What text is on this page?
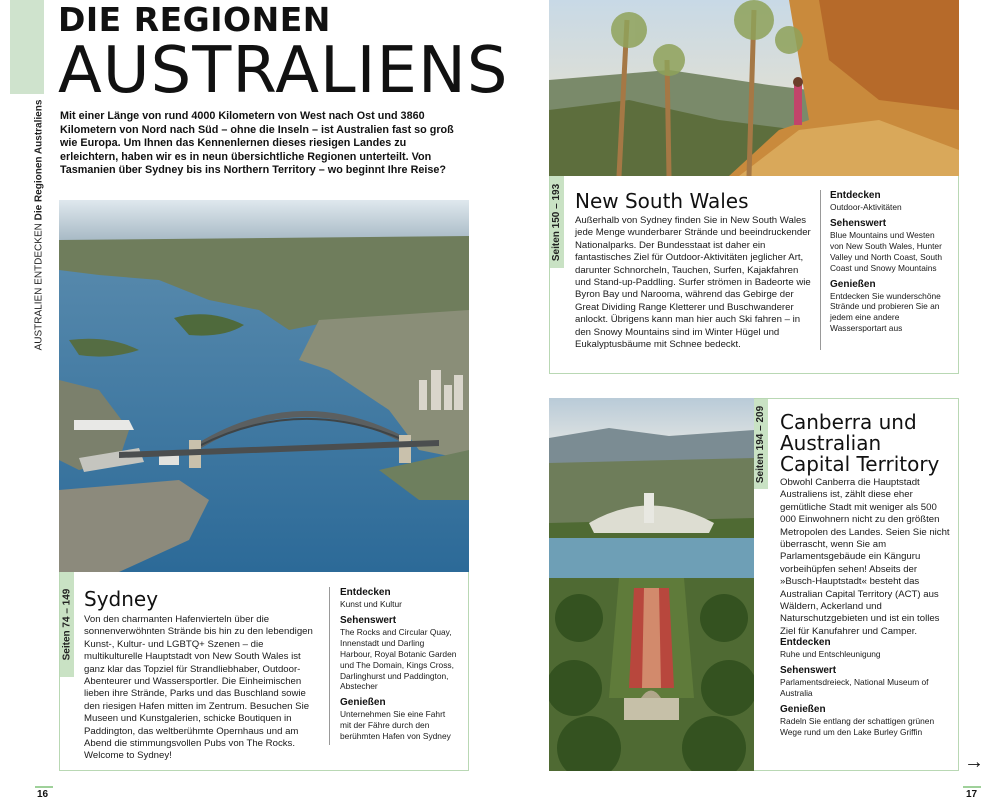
AUSTRALIEN ENTDECKEN Die Regionen Australiens
DIE REGIONEN
AUSTRALIENS
Mit einer Länge von rund 4000 Kilometern von West nach Ost und 3860 Kilometern von Nord nach Süd – ohne die Inseln – ist Australien fast so groß wie Europa. Um Ihnen das Kennenlernen dieses riesigen Landes zu erleichtern, haben wir es in neun übersichtliche Regionen unterteilt. Von Tasmanien über Sydney bis ins Northern Territory – wo beginnt Ihre Reise?
Seiten 74 – 149 Sydney
Von den charmanten Hafenvierteln über die sonnenverwöhnten Strände bis hin zu den lebendigen Kunst-, Kultur- und LGBTQ+ Szenen – die multikulturelle Hauptstadt von New South Wales ist ganz klar das Topziel für Strandliebhaber, Outdoor-Abenteurer und Wassersportler. Die Einheimischen lieben ihre Strände, Parks und das Buschland sowie den riesigen Hafen mitten im Zentrum. Besuchen Sie Museen und Kunstgalerien, schicke Boutiquen in Paddington, das weltberühmte Opernhaus und am Abend die stimmungsvollen Pubs von The Rocks. Welcome to Sydney!
Entdecken
Kunst und Kultur
Sehenswert
The Rocks and Circular Quay, Innenstadt und Darling Harbour, Royal Botanic Garden und The Domain, Kings Cross, Darlinghurst und Paddington, Abstecher
Genießen
Unternehmen Sie eine Fahrt mit der Fähre durch den berühmten Hafen von Sydney
Seiten 150 – 193 New South Wales
Außerhalb von Sydney finden Sie in New South Wales jede Menge wunderbarer Strände und beeindruckender Nationalparks. Der Bundesstaat ist daher ein fantastisches Ziel für Outdoor-Aktivitäten jeglicher Art, darunter Schnorcheln, Tauchen, Surfen, Kajakfahren und Stand-up-Paddling. Surfer strömen in Badeorte wie Byron Bay und Narooma, während das Gebirge der Great Dividing Range Kletterer und Buschwanderer anlockt. Übrigens kann man hier auch Ski fahren – in den Snowy Mountains sind im Winter Hügel und Eukalyptusbäume mit Schnee bedeckt.
Entdecken
Outdoor-Aktivitäten
Sehenswert
Blue Mountains und Westen von New South Wales, Hunter Valley und North Coast, South Coast und Snowy Mountains
Genießen
Entdecken Sie wunderschöne Strände und probieren Sie an jedem eine andere Wassersportart aus
Seiten 194 – 209 Canberra und Australian Capital Territory
Obwohl Canberra die Hauptstadt Australiens ist, zählt diese eher gemütliche Stadt mit weniger als 500 000 Einwohnern nicht zu den größten Metropolen des Landes. Seien Sie nicht überrascht, wenn Sie am Parlamentsgebäude ein Känguru vorbeihüpfen sehen! Abseits der »Busch-Hauptstadt« besteht das Australian Capital Territory (ACT) aus Wäldern, Ackerland und Naturschutzgebieten und ist ein tolles Ziel für Kanufahrer und Camper.
Entdecken
Ruhe und Entschleunigung
Sehenswert
Parlamentsdreieck, National Museum of Australia
Genießen
Radeln Sie entlang der schattigen grünen Wege rund um den Lake Burley Griffin
→
16	17
